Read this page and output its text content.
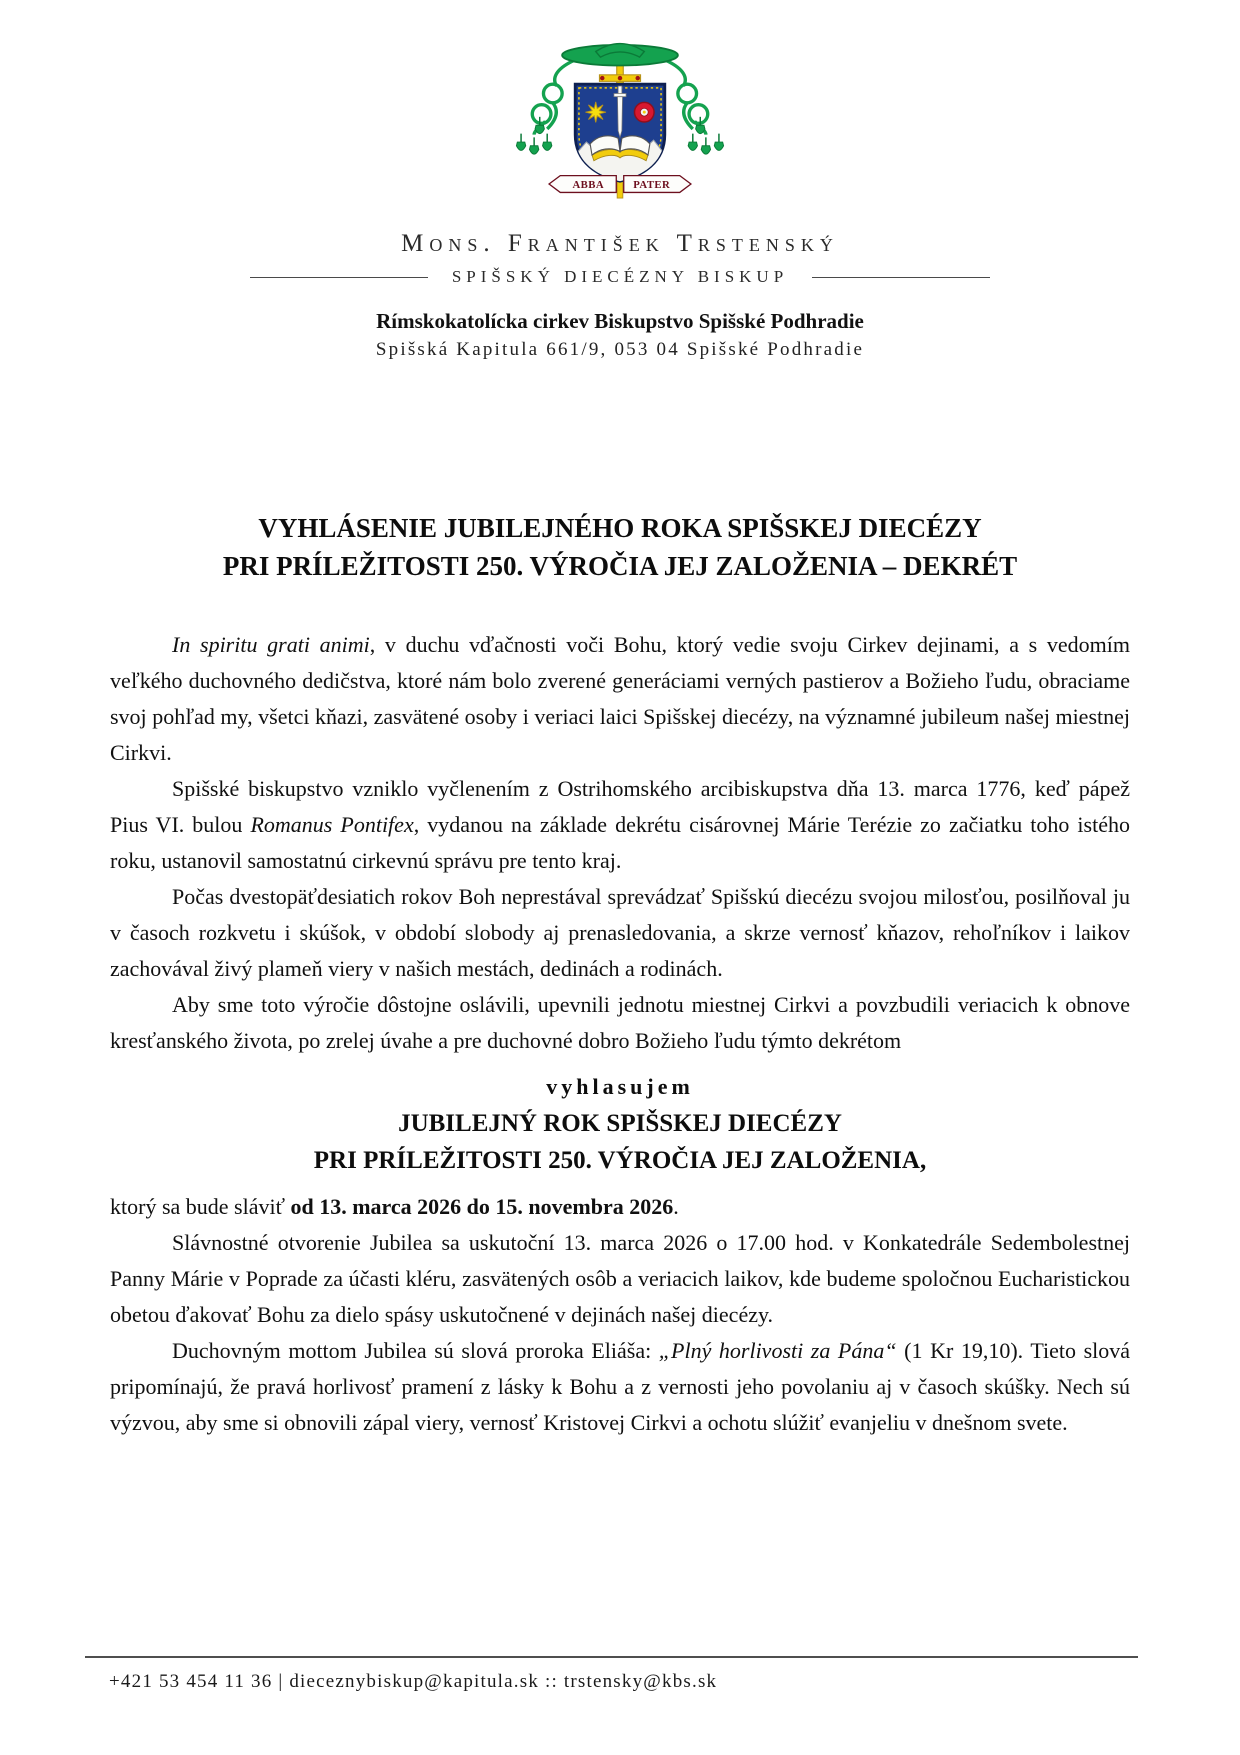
ABBA	PATER
Mons. František Trstenský
SPIŠSKÝ DIECÉZNY BISKUP
Rímskokatolícka cirkev Biskupstvo Spišské Podhradie
Spišská Kapitula 661/9, 053 04 Spišské Podhradie
VYHLÁSENIE JUBILEJNÉHO ROKA SPIŠSKEJ DIECÉZY
PRI PRÍLEŽITOSTI 250. VÝROČIA JEJ ZALOŽENIA – DEKRÉT

In spiritu grati animi, v duchu vďačnosti voči Bohu, ktorý vedie svoju Cirkev dejinami, a s vedomím veľkého duchovného dedičstva, ktoré nám bolo zverené generáciami verných pastierov a Božieho ľudu, obraciame svoj pohľad my, všetci kňazi, zasvätené osoby i veriaci laici Spišskej diecézy, na významné jubileum našej miestnej Cirkvi.

Spišské biskupstvo vzniklo vyčlenením z Ostrihomského arcibiskupstva dňa 13. marca 1776, keď pápež Pius VI. bulou Romanus Pontifex, vydanou na základe dekrétu cisárovnej Márie Terézie zo začiatku toho istého roku, ustanovil samostatnú cirkevnú správu pre tento kraj.

Počas dvestopäťdesiatich rokov Boh neprestával sprevádzať Spišskú diecézu svojou milosťou, posilňoval ju v časoch rozkvetu i skúšok, v období slobody aj prenasledovania, a skrze vernosť kňazov, rehoľníkov i laikov zachovával živý plameň viery v našich mestách, dedinách a rodinách.

Aby sme toto výročie dôstojne oslávili, upevnili jednotu miestnej Cirkvi a povzbudili veriacich k obnove kresťanského života, po zrelej úvahe a pre duchovné dobro Božieho ľudu týmto dekrétom

vyhlasujem
JUBILEJNÝ ROK SPIŠSKEJ DIECÉZY
PRI PRÍLEŽITOSTI 250. VÝROČIA JEJ ZALOŽENIA,

ktorý sa bude sláviť od 13. marca 2026 do 15. novembra 2026.

Slávnostné otvorenie Jubilea sa uskutoční 13. marca 2026 o 17.00 hod. v Konkatedrále Sedembolestnej Panny Márie v Poprade za účasti kléru, zasvätených osôb a veriacich laikov, kde budeme spoločnou Eucharistickou obetou ďakovať Bohu za dielo spásy uskutočnené v dejinách našej diecézy.

Duchovným mottom Jubilea sú slová proroka Eliáša: „Plný horlivosti za Pána“ (1 Kr 19,10). Tieto slová pripomínajú, že pravá horlivosť pramení z lásky k Bohu a z vernosti jeho povolaniu aj v časoch skúšky. Nech sú výzvou, aby sme si obnovili zápal viery, vernosť Kristovej Cirkvi a ochotu slúžiť evanjeliu v dnešnom svete.

+421 53 454 11 36 | dieceznybiskup@kapitula.sk :: trstensky@kbs.sk
